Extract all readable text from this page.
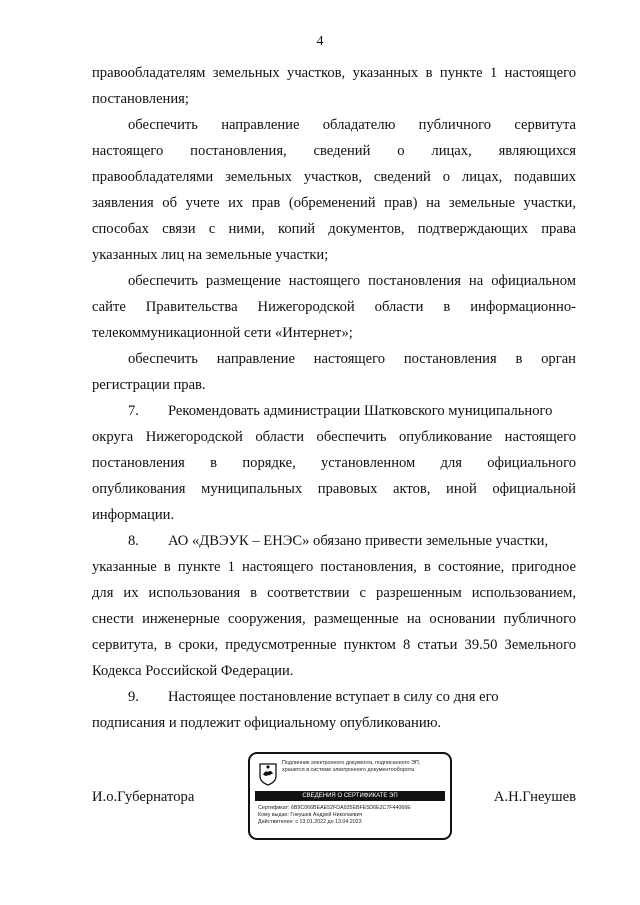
4
правообладателям земельных участков, указанных в пункте 1 настоящего
постановления;
обеспечить направление обладателю публичного сервитута
настоящего постановления, сведений о лицах, являющихся
правообладателями земельных участков, сведений о лицах, подавших
заявления об учете их прав (обременений прав) на земельные участки,
способах связи с ними, копий документов, подтверждающих права
указанных лиц на земельные участки;
обеспечить размещение настоящего постановления на официальном
сайте Правительства Нижегородской области в информационно-
телекоммуникационной сети «Интернет»;
обеспечить направление настоящего постановления в орган
регистрации прав.
7. Рекомендовать администрации Шатковского муниципального
округа Нижегородской области обеспечить опубликование настоящего
постановления в порядке, установленном для официального
опубликования муниципальных правовых актов, иной официальной
информации.
8. АО «ДВЭУК – ЕНЭС» обязано привести земельные участки,
указанные в пункте 1 настоящего постановления, в состояние, пригодное
для их использования в соответствии с разрешенным использованием,
снести инженерные сооружения, размещенные на основании публичного
сервитута, в сроки, предусмотренные пунктом 8 статьи 39.50 Земельного
Кодекса Российской Федерации.
9. Настоящее постановление вступает в силу со дня его
подписания и подлежит официальному опубликованию.
И.о.Губернатора	А.Н.Гнеушев
Подлинник электронного документа, подписанного ЭП,
хранится в системе электронного документооборота
СВЕДЕНИЯ О СЕРТИФИКАТЕ ЭП
Сертификат: 6B9C066BEAE52FDA935EBFE5D6E2C7F44066E
Кому выдан: Гнеушев Андрей Николаевич
Действителен: с 13.01.2022 до 13.04.2023
